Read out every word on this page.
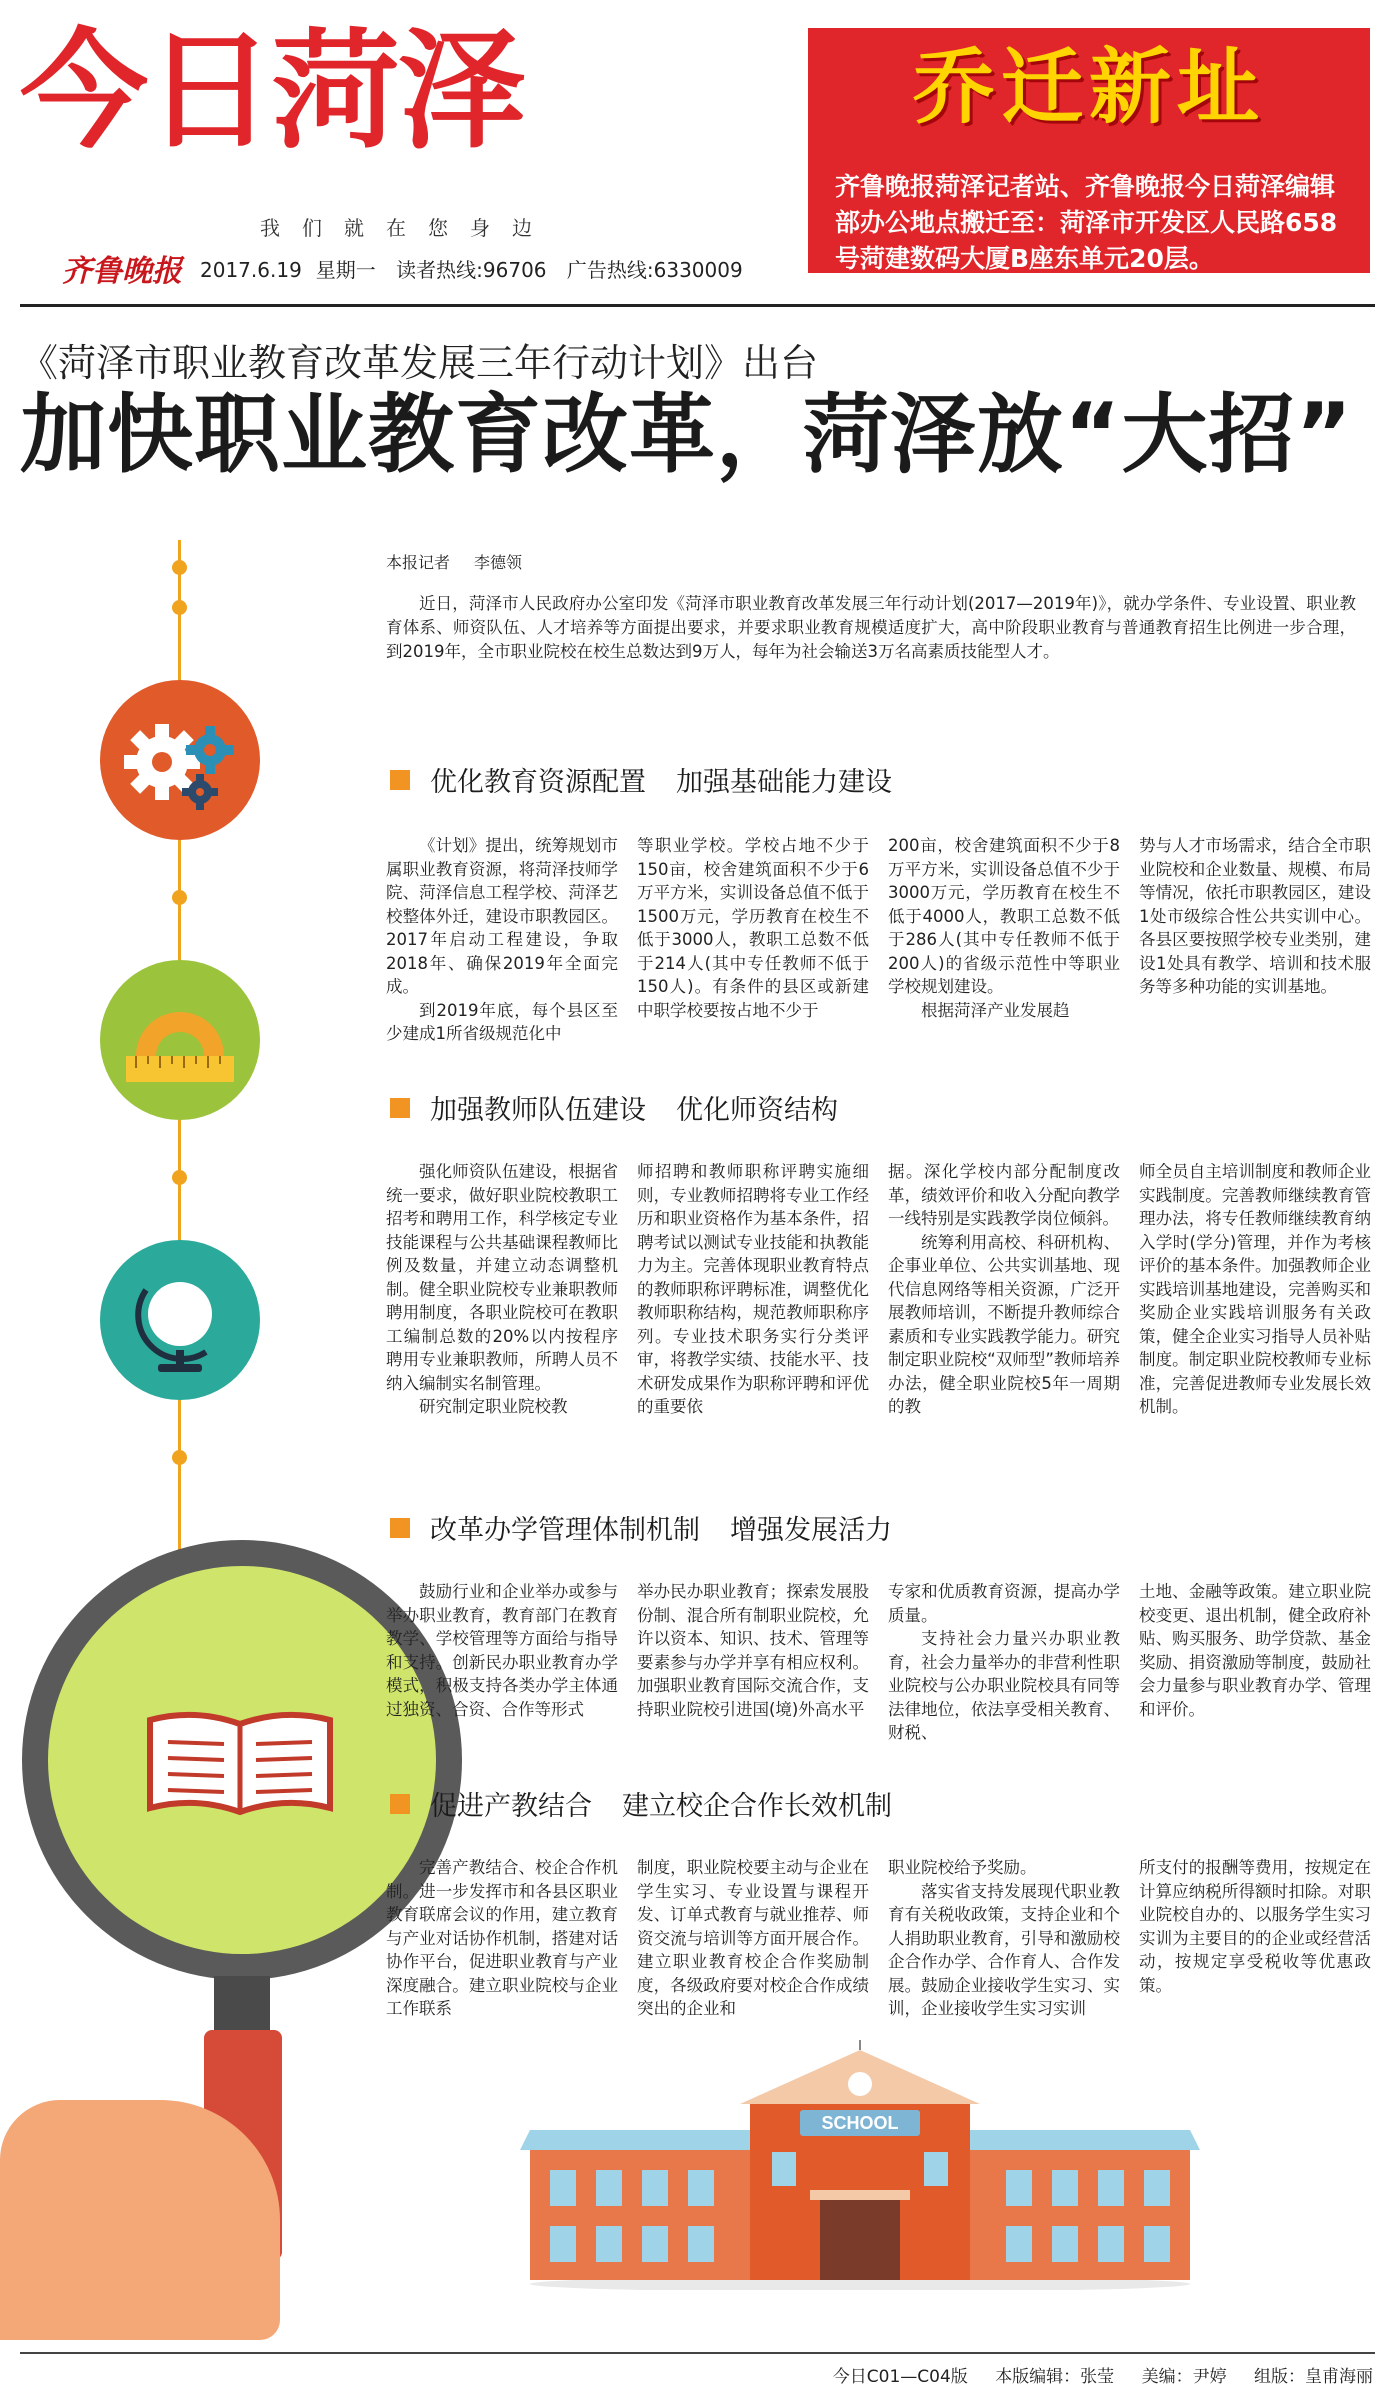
今日菏泽
我们就在您身边
齐鲁晚报 2017.6.19 星期一 读者热线:96706 广告热线:6330009
乔迁新址
齐鲁晚报菏泽记者站、齐鲁晚报今日菏泽编辑部办公地点搬迁至：菏泽市开发区人民路658号菏建数码大厦B座东单元20层。
《菏泽市职业教育改革发展三年行动计划》出台
加快职业教育改革，菏泽放“大招”
本报记者 李德领
近日，菏泽市人民政府办公室印发《菏泽市职业教育改革发展三年行动计划(2017—2019年)》，就办学条件、专业设置、职业教育体系、师资队伍、人才培养等方面提出要求，并要求职业教育规模适度扩大，高中阶段职业教育与普通教育招生比例进一步合理，到2019年，全市职业院校在校生总数达到9万人，每年为社会输送3万名高素质技能型人才。
优化教育资源配置 加强基础能力建设

《计划》提出，统筹规划市属职业教育资源，将菏泽技师学院、菏泽信息工程学校、菏泽艺校整体外迁，建设市职教园区。2017年启动工程建设，争取2018年、确保2019年全面完成。

到2019年底，每个县区至少建成1所省级规范化中

等职业学校。学校占地不少于150亩，校舍建筑面积不少于6万平方米，实训设备总值不低于1500万元，学历教育在校生不低于3000人，教职工总数不低于214人(其中专任教师不低于150人)。有条件的县区或新建中职学校要按占地不少于

200亩，校舍建筑面积不少于8万平方米，实训设备总值不少于3000万元，学历教育在校生不低于4000人，教职工总数不低于286人(其中专任教师不低于200人)的省级示范性中等职业学校规划建设。

根据菏泽产业发展趋

势与人才市场需求，结合全市职业院校和企业数量、规模、布局等情况，依托市职教园区，建设1处市级综合性公共实训中心。各县区要按照学校专业类别，建设1处具有教学、培训和技术服务等多种功能的实训基地。

加强教师队伍建设 优化师资结构

强化师资队伍建设，根据省统一要求，做好职业院校教职工招考和聘用工作，科学核定专业技能课程与公共基础课程教师比例及数量，并建立动态调整机制。健全职业院校专业兼职教师聘用制度，各职业院校可在教职工编制总数的20%以内按程序聘用专业兼职教师，所聘人员不纳入编制实名制管理。

研究制定职业院校教

师招聘和教师职称评聘实施细则，专业教师招聘将专业工作经历和职业资格作为基本条件，招聘考试以测试专业技能和执教能力为主。完善体现职业教育特点的教师职称评聘标准，调整优化教师职称结构，规范教师职称序列。专业技术职务实行分类评审，将教学实绩、技能水平、技术研发成果作为职称评聘和评优的重要依

据。深化学校内部分配制度改革，绩效评价和收入分配向教学一线特别是实践教学岗位倾斜。

统筹利用高校、科研机构、企事业单位、公共实训基地、现代信息网络等相关资源，广泛开展教师培训，不断提升教师综合素质和专业实践教学能力。研究制定职业院校“双师型”教师培养办法，健全职业院校5年一周期的教

师全员自主培训制度和教师企业实践制度。完善教师继续教育管理办法，将专任教师继续教育纳入学时(学分)管理，并作为考核评价的基本条件。加强教师企业实践培训基地建设，完善购买和奖励企业实践培训服务有关政策，健全企业实习指导人员补贴制度。制定职业院校教师专业标准，完善促进教师专业发展长效机制。

改革办学管理体制机制 增强发展活力

鼓励行业和企业举办或参与举办职业教育，教育部门在教育教学、学校管理等方面给与指导和支持。创新民办职业教育办学模式，积极支持各类办学主体通过独资、合资、合作等形式

举办民办职业教育；探索发展股份制、混合所有制职业院校，允许以资本、知识、技术、管理等要素参与办学并享有相应权利。加强职业教育国际交流合作，支持职业院校引进国(境)外高水平

专家和优质教育资源，提高办学质量。

支持社会力量兴办职业教育，社会力量举办的非营利性职业院校与公办职业院校具有同等法律地位，依法享受相关教育、财税、

土地、金融等政策。建立职业院校变更、退出机制，健全政府补贴、购买服务、助学贷款、基金奖励、捐资激励等制度，鼓励社会力量参与职业教育办学、管理和评价。

促进产教结合 建立校企合作长效机制

完善产教结合、校企合作机制。进一步发挥市和各县区职业教育联席会议的作用，建立教育与产业对话协作机制，搭建对话协作平台，促进职业教育与产业深度融合。建立职业院校与企业工作联系

制度，职业院校要主动与企业在学生实习、专业设置与课程开发、订单式教育与就业推荐、师资交流与培训等方面开展合作。建立职业教育校企合作奖励制度，各级政府要对校企合作成绩突出的企业和

职业院校给予奖励。

落实省支持发展现代职业教育有关税收政策，支持企业和个人捐助职业教育，引导和激励校企合作办学、合作育人、合作发展。鼓励企业接收学生实习、实训，企业接收学生实习实训

所支付的报酬等费用，按规定在计算应纳税所得额时扣除。对职业院校自办的、以服务学生实习实训为主要目的的企业或经营活动，按规定享受税收等优惠政策。

SCHOOL
今日C01—C04版 本版编辑：张莹 美编：尹婷 组版：皇甫海丽
